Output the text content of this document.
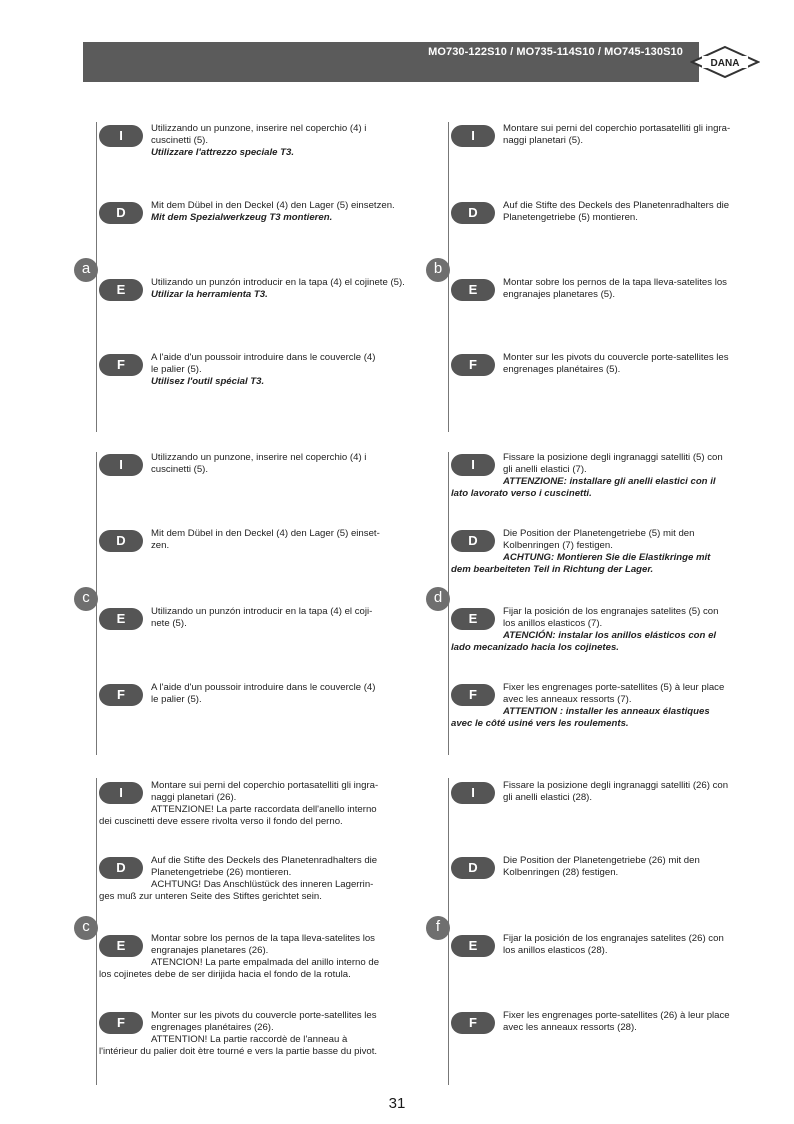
MO730-122S10 / MO735-114S10 / MO745-130S10
DANA
a
I	Utilizzando un punzone, inserire nel coperchio (4) i
cuscinetti (5).
Utilizzare l'attrezzo speciale T3.
D	Mit dem Dübel in den Deckel (4) den Lager (5) einsetzen.
Mit dem Spezialwerkzeug T3 montieren.
E	Utilizando un punzón introducir en la tapa (4) el cojinete (5).
Utilizar la herramienta T3.
F	A l'aide d'un poussoir introduire dans le couvercle (4)
le palier (5).
Utilisez l'outil spécial T3.
b
I	Montare sui perni del coperchio portasatelliti gli ingra-
naggi planetari (5).
D	Auf die Stifte des Deckels des Planetenradhalters die
Planetengetriebe (5) montieren.
E	Montar sobre los pernos de la tapa lleva-satelites los
engranajes planetares (5).
F	Monter sur les pivots du couvercle porte-satellites les
engrenages planétaires (5).
c
I	Utilizzando un punzone, inserire nel coperchio (4) i
cuscinetti (5).
D	Mit dem Dübel in den Deckel (4) den Lager (5) einset-
zen.
E	Utilizando un punzón introducir en la tapa (4) el coji-
nete (5).
F	A l'aide d'un poussoir introduire dans le couvercle (4)
le palier (5).
d
I	Fissare la posizione degli ingranaggi satelliti (5) con
gli anelli elastici (7).
ATTENZIONE: installare gli anelli elastici con il
lato lavorato verso i cuscinetti.
D	Die Position der Planetengetriebe (5) mit den
Kolbenringen (7) festigen.
ACHTUNG: Montieren Sie die Elastikringe mit
dem bearbeiteten Teil in Richtung der Lager.
E	Fijar la posición de los engranajes satelites (5) con
los anillos elasticos (7).
ATENCIÓN: instalar los anillos elásticos con el
lado mecanizado hacia los cojinetes.
F	Fixer les engrenages porte-satellites (5) à leur place
avec les anneaux ressorts (7).
ATTENTION : installer les anneaux élastiques
avec le côté usiné vers les roulements.
c
I	Montare sui perni del coperchio portasatelliti gli ingra-
naggi planetari (26).
ATTENZIONE! La parte raccordata dell'anello interno
dei cuscinetti deve essere rivolta verso il fondo del perno.
D	Auf die Stifte des Deckels des Planetenradhalters die
Planetengetriebe (26) montieren.
ACHTUNG! Das Anschlüstück des inneren Lagerrin-
ges muß zur unteren Seite des Stiftes gerichtet sein.
E	Montar sobre los pernos de la tapa lleva-satelites los
engranajes planetares (26).
ATENCION! La parte empalmada del anillo interno de
los cojinetes debe de ser dirijida hacia el fondo de la rotula.
F	Monter sur les pivots du couvercle porte-satellites les
engrenages planétaires (26).
ATTENTION! La partie raccordè de l'anneau à
l'intérieur du palier doit ètre tourné e vers la partie basse du pivot.
f
I	Fissare la posizione degli ingranaggi satelliti (26) con
gli anelli elastici (28).
D	Die Position der Planetengetriebe (26) mit den
Kolbenringen (28) festigen.
E	Fijar la posición de los engranajes satelites (26) con
los anillos elasticos (28).
F	Fixer les engrenages porte-satellites (26) à leur place
avec les anneaux ressorts (28).
31
